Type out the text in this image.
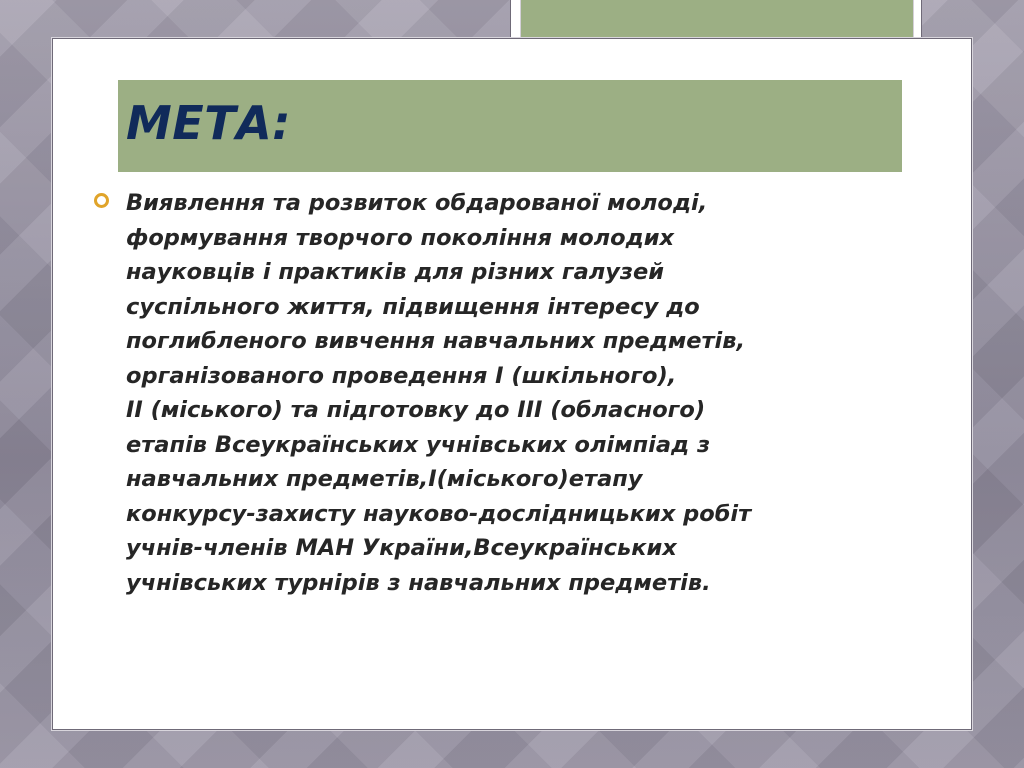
МЕТА:

Виявлення та розвиток обдарованої молоді,
формування творчого покоління молодих
науковців і практиків для різних галузей
суспільного життя, підвищення інтересу до
поглибленого вивчення навчальних предметів,
організованого проведення І (шкільного),
ІІ (міського) та підготовку до ІІІ (обласного)
етапів Всеукраїнських учнівських олімпіад з
навчальних предметів,І(міського)етапу
конкурсу-захисту науково-дослідницьких робіт
учнів-членів МАН України,Всеукраїнських
учнівських турнірів з навчальних предметів.
